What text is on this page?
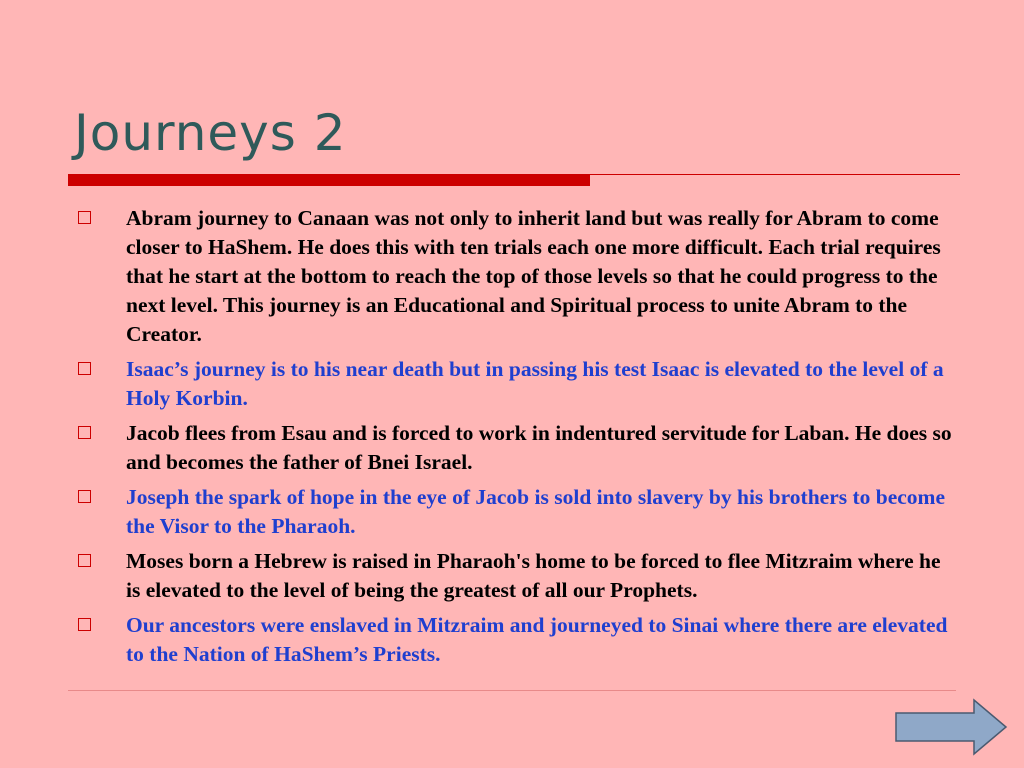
Journeys 2
Abram journey to Canaan was not only to inherit land but was really for Abram to come closer to HaShem. He does this with ten trials each one more difficult. Each trial requires that he start at the bottom to reach the top of those levels so that he could progress to the next level. This journey is an Educational and Spiritual process to unite Abram to the Creator.
Isaac’s journey is to his near death but in passing his test Isaac is elevated to the level of a Holy Korbin.
Jacob flees from Esau and is forced to work in indentured servitude for Laban. He does so and becomes the father of Bnei Israel.
Joseph the spark of hope in the eye of Jacob is sold into slavery by his brothers to become the Visor to the Pharaoh.
Moses born a Hebrew is raised in Pharaoh's home to be forced to flee Mitzraim where he is elevated to the level of being the greatest of all our Prophets.
Our ancestors were enslaved in Mitzraim and journeyed to Sinai where there are elevated to the Nation of HaShem’s Priests.
